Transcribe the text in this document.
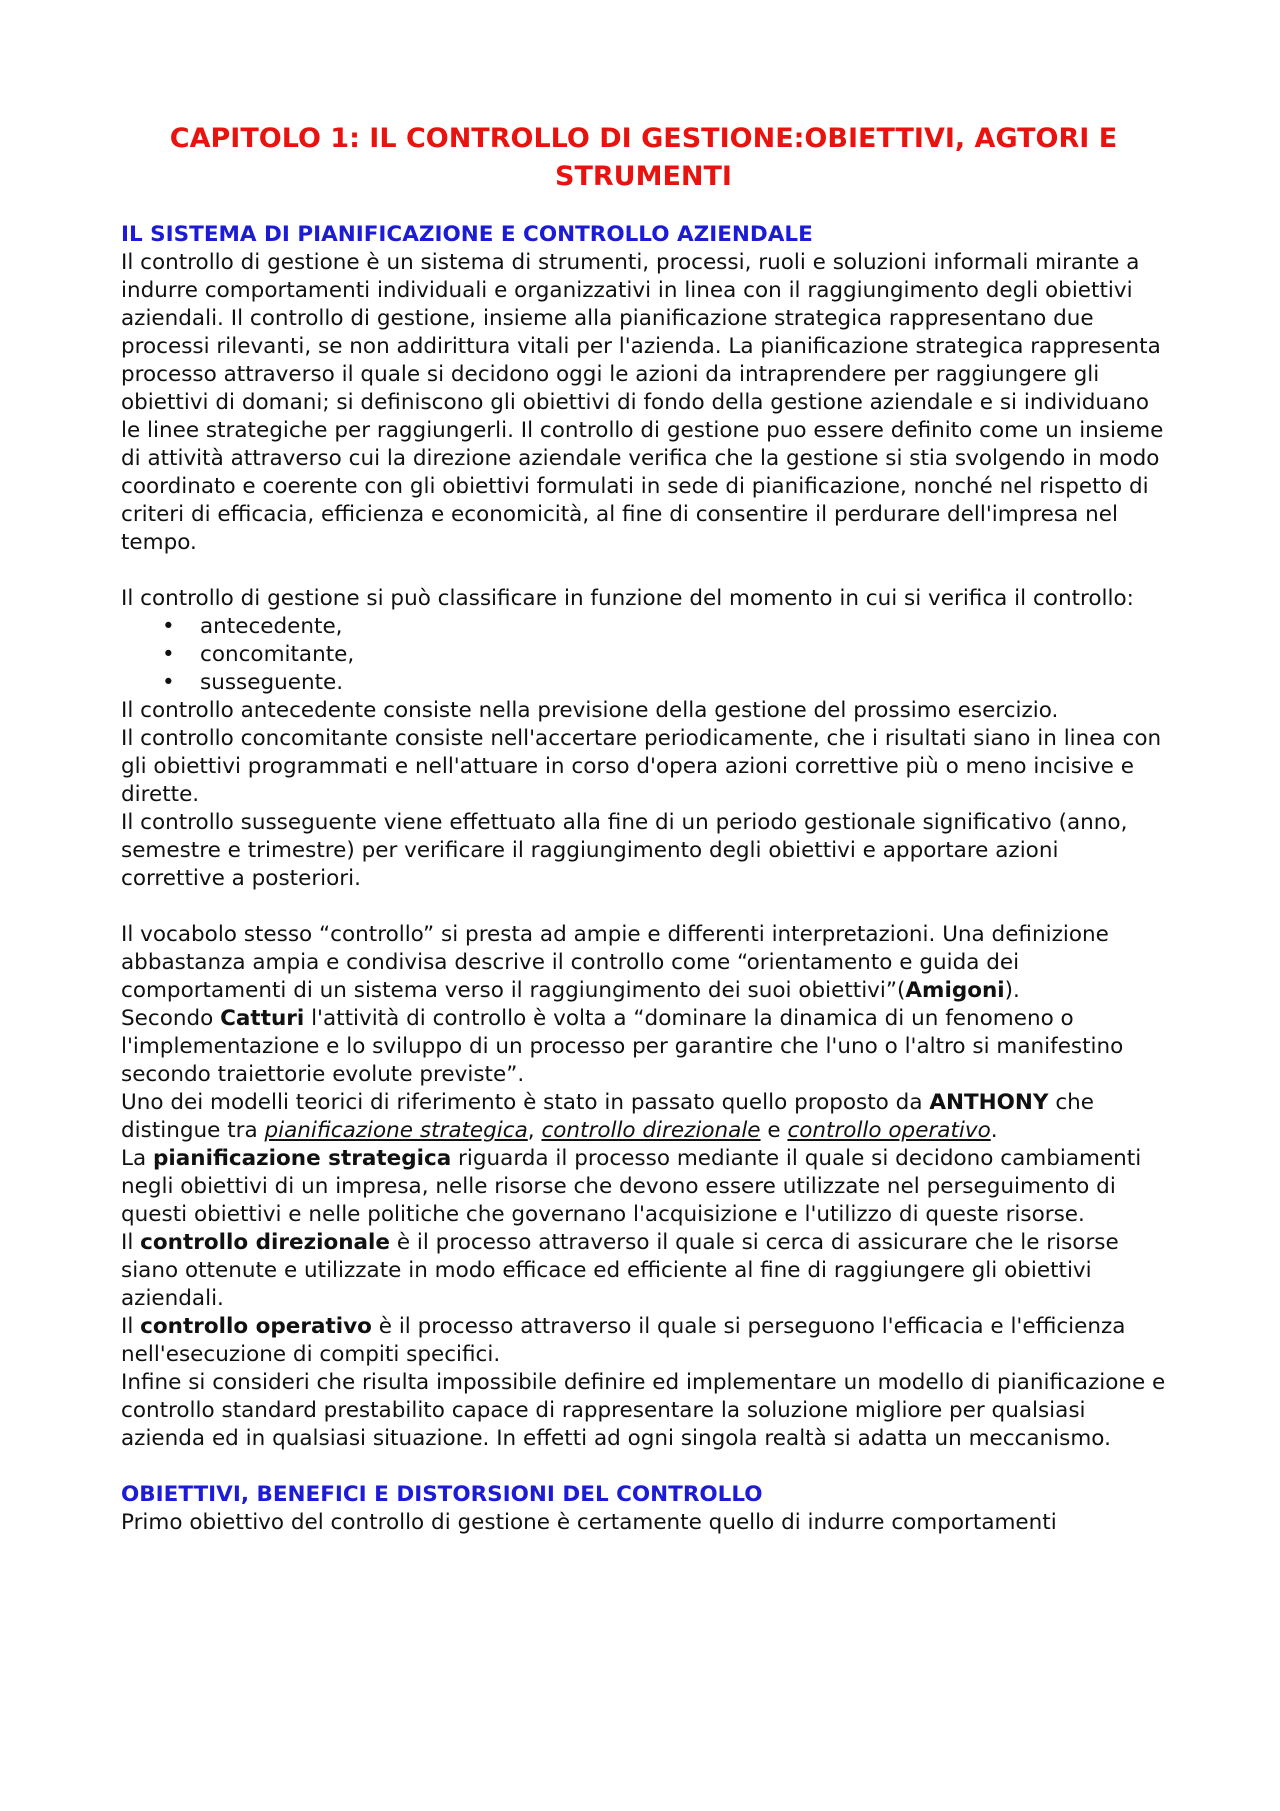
CAPITOLO 1: IL CONTROLLO DI GESTIONE:OBIETTIVI, AGTORI E STRUMENTI
IL SISTEMA DI PIANIFICAZIONE E CONTROLLO AZIENDALE

Il controllo di gestione è un sistema di strumenti, processi, ruoli e soluzioni informali mirante a indurre comportamenti individuali e organizzativi in linea con il raggiungimento degli obiettivi aziendali. Il controllo di gestione, insieme alla pianificazione strategica rappresentano due processi rilevanti, se non addirittura vitali per l'azienda. La pianificazione strategica rappresenta processo attraverso il quale si decidono oggi le azioni da intraprendere per raggiungere gli obiettivi di domani; si definiscono gli obiettivi di fondo della gestione aziendale e si individuano le linee strategiche per raggiungerli. Il controllo di gestione puo essere definito come un insieme di attività attraverso cui la direzione aziendale verifica che la gestione si stia svolgendo in modo coordinato e coerente con gli obiettivi formulati in sede di pianificazione, nonché nel rispetto di criteri di efficacia, efficienza e economicità, al fine di consentire il perdurare dell'impresa nel tempo.

Il controllo di gestione si può classificare in funzione del momento in cui si verifica il controllo:

• antecedente,
• concomitante,
• susseguente.

Il controllo antecedente consiste nella previsione della gestione del prossimo esercizio.

Il controllo concomitante consiste nell'accertare periodicamente, che i risultati siano in linea con gli obiettivi programmati e nell'attuare in corso d'opera azioni correttive più o meno incisive e dirette.

Il controllo susseguente viene effettuato alla fine di un periodo gestionale significativo (anno, semestre e trimestre) per verificare il raggiungimento degli obiettivi e apportare azioni correttive a posteriori.

Il vocabolo stesso “controllo” si presta ad ampie e differenti interpretazioni. Una definizione abbastanza ampia e condivisa descrive il controllo come “orientamento e guida dei comportamenti di un sistema verso il raggiungimento dei suoi obiettivi”(Amigoni).

Secondo Catturi l'attività di controllo è volta a “dominare la dinamica di un fenomeno o l'implementazione e lo sviluppo di un processo per garantire che l'uno o l'altro si manifestino secondo traiettorie evolute previste”.

Uno dei modelli teorici di riferimento è stato in passato quello proposto da ANTHONY che distingue tra pianificazione strategica, controllo direzionale e controllo operativo.

La pianificazione strategica riguarda il processo mediante il quale si decidono cambiamenti negli obiettivi di un impresa, nelle risorse che devono essere utilizzate nel perseguimento di questi obiettivi e nelle politiche che governano l'acquisizione e l'utilizzo di queste risorse.

Il controllo direzionale è il processo attraverso il quale si cerca di assicurare che le risorse siano ottenute e utilizzate in modo efficace ed efficiente al fine di raggiungere gli obiettivi aziendali.

Il controllo operativo è il processo attraverso il quale si perseguono l'efficacia e l'efficienza nell'esecuzione di compiti specifici.

Infine si consideri che risulta impossibile definire ed implementare un modello di pianificazione e controllo standard prestabilito capace di rappresentare la soluzione migliore per qualsiasi azienda ed in qualsiasi situazione. In effetti ad ogni singola realtà si adatta un meccanismo.

OBIETTIVI, BENEFICI E DISTORSIONI DEL CONTROLLO

Primo obiettivo del controllo di gestione è certamente quello di indurre comportamenti
